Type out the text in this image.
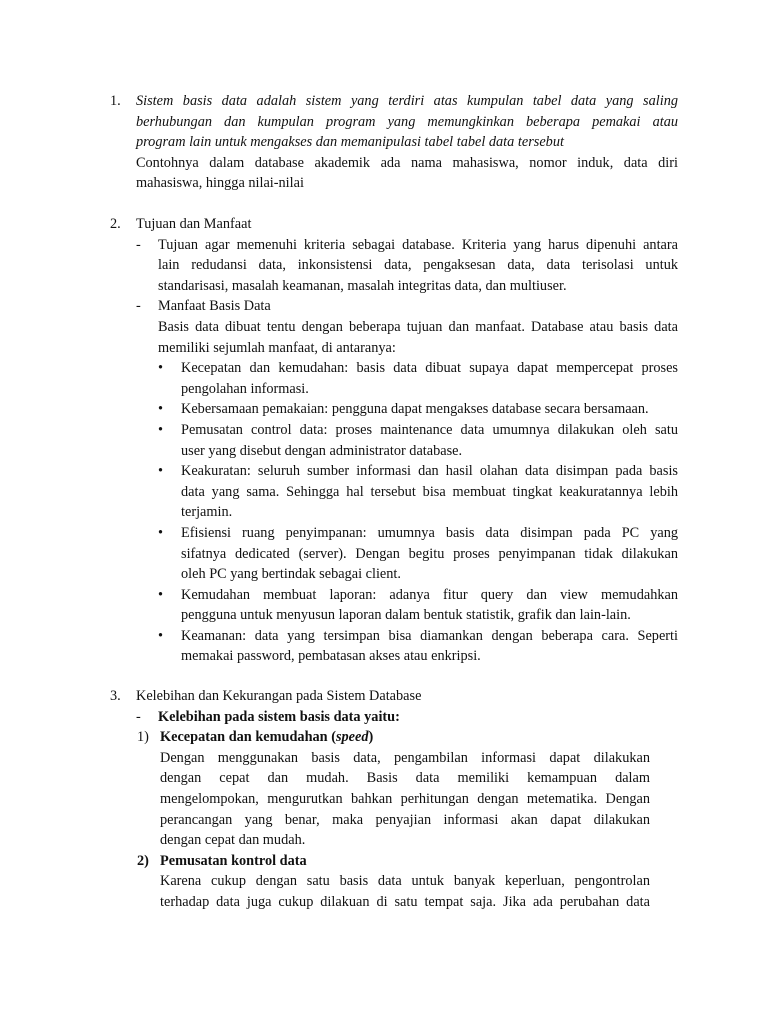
1. Sistem basis data adalah sistem yang terdiri atas kumpulan tabel data yang saling
berhubungan dan kumpulan program yang memungkinkan beberapa pemakai atau
program lain untuk mengakses dan memanipulasi tabel tabel data tersebut
Contohnya dalam database akademik ada nama mahasiswa, nomor induk, data diri
mahasiswa, hingga nilai-nilai
2. Tujuan dan Manfaat
- Tujuan agar memenuhi kriteria sebagai database. Kriteria yang harus dipenuhi antara
lain redudansi data, inkonsistensi data, pengaksesan data, data terisolasi untuk
standarisasi, masalah keamanan, masalah integritas data, dan multiuser.
- Manfaat Basis Data
Basis data dibuat tentu dengan beberapa tujuan dan manfaat. Database atau basis data
memiliki sejumlah manfaat, di antaranya:
• Kecepatan dan kemudahan: basis data dibuat supaya dapat mempercepat proses
pengolahan informasi.
• Kebersamaan pemakaian: pengguna dapat mengakses database secara bersamaan.
• Pemusatan control data: proses maintenance data umumnya dilakukan oleh satu
user yang disebut dengan administrator database.
• Keakuratan: seluruh sumber informasi dan hasil olahan data disimpan pada basis
data yang sama. Sehingga hal tersebut bisa membuat tingkat keakuratannya lebih
terjamin.
• Efisiensi ruang penyimpanan: umumnya basis data disimpan pada PC yang
sifatnya dedicated (server). Dengan begitu proses penyimpanan tidak dilakukan
oleh PC yang bertindak sebagai client.
• Kemudahan membuat laporan: adanya fitur query dan view memudahkan
pengguna untuk menyusun laporan dalam bentuk statistik, grafik dan lain-lain.
• Keamanan: data yang tersimpan bisa diamankan dengan beberapa cara. Seperti
memakai password, pembatasan akses atau enkripsi.
3. Kelebihan dan Kekurangan pada Sistem Database
- Kelebihan pada sistem basis data yaitu:
1) Kecepatan dan kemudahan (speed)
Dengan menggunakan basis data, pengambilan informasi dapat dilakukan
dengan cepat dan mudah. Basis data memiliki kemampuan dalam
mengelompokan, mengurutkan bahkan perhitungan dengan metematika. Dengan
perancangan yang benar, maka penyajian informasi akan dapat dilakukan
dengan cepat dan mudah.
2) Pemusatan kontrol data
Karena cukup dengan satu basis data untuk banyak keperluan, pengontrolan
terhadap data juga cukup dilakuan di satu tempat saja. Jika ada perubahan data
